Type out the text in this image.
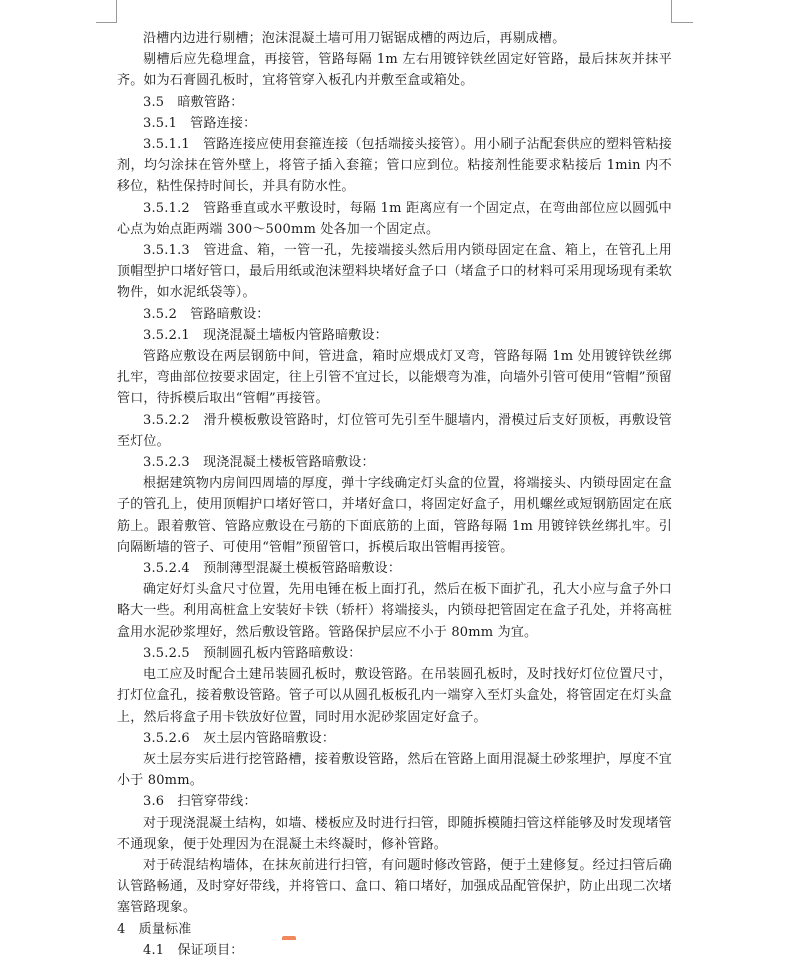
沿槽内边进行剔槽；泡沫混凝土墙可用刀锯锯成槽的两边后，再剔成槽。

剔槽后应先稳埋盒，再接管，管路每隔 1m 左右用镀锌铁丝固定好管路，最后抹灰并抹平齐。如为石膏圆孔板时，宜将管穿入板孔内并敷至盒或箱处。

3.5　暗敷管路：

3.5.1　管路连接：

3.5.1.1　管路连接应使用套箍连接（包括端接头接管）。用小刷子沾配套供应的塑料管粘接剂，均匀涂抹在管外壁上，将管子插入套箍；管口应到位。粘接剂性能要求粘接后 1min 内不移位，粘性保持时间长，并具有防水性。

3.5.1.2　管路垂直或水平敷设时，每隔 1m 距离应有一个固定点，在弯曲部位应以圆弧中心点为始点距两端 300～500mm 处各加一个固定点。

3.5.1.3　管进盒、箱，一管一孔，先接端接头然后用内锁母固定在盒、箱上，在管孔上用顶帽型护口堵好管口，最后用纸或泡沫塑料块堵好盒子口（堵盒子口的材料可采用现场现有柔软物件，如水泥纸袋等）。

3.5.2　管路暗敷设：

3.5.2.1　现浇混凝土墙板内管路暗敷设：

管路应敷设在两层钢筋中间，管进盒，箱时应煨成灯叉弯，管路每隔 1m 处用镀锌铁丝绑扎牢，弯曲部位按要求固定，往上引管不宜过长，以能煨弯为准，向墙外引管可使用“管帽”预留管口，待拆模后取出“管帽”再接管。

3.5.2.2　滑升模板敷设管路时，灯位管可先引至牛腿墙内，滑模过后支好顶板，再敷设管至灯位。

3.5.2.3　现浇混凝土楼板管路暗敷设：

根据建筑物内房间四周墙的厚度，弹十字线确定灯头盒的位置，将端接头、内锁母固定在盒子的管孔上，使用顶帽护口堵好管口，并堵好盒口，将固定好盒子，用机螺丝或短钢筋固定在底筋上。跟着敷管、管路应敷设在弓筋的下面底筋的上面，管路每隔 1m 用镀锌铁丝绑扎牢。引向隔断墙的管子、可使用“管帽”预留管口，拆模后取出管帽再接管。

3.5.2.4　预制薄型混凝土模板管路暗敷设：

确定好灯头盒尺寸位置，先用电锤在板上面打孔，然后在板下面扩孔，孔大小应与盒子外口略大一些。利用高桩盒上安装好卡铁（轿杆）将端接头，内锁母把管固定在盒子孔处，并将高桩盒用水泥砂浆埋好，然后敷设管路。管路保护层应不小于 80mm 为宜。

3.5.2.5　预制圆孔板内管路暗敷设：

电工应及时配合土建吊装圆孔板时，敷设管路。在吊装圆孔板时，及时找好灯位位置尺寸，打灯位盒孔，接着敷设管路。管子可以从圆孔板板孔内一端穿入至灯头盒处，将管固定在灯头盒上，然后将盒子用卡铁放好位置，同时用水泥砂浆固定好盒子。

3.5.2.6　灰土层内管路暗敷设：

灰土层夯实后进行挖管路槽，接着敷设管路，然后在管路上面用混凝土砂浆埋护，厚度不宜小于 80mm。

3.6　扫管穿带线：

对于现浇混凝土结构，如墙、楼板应及时进行扫管，即随拆模随扫管这样能够及时发现堵管不通现象，便于处理因为在混凝土未终凝时，修补管路。

对于砖混结构墙体，在抹灰前进行扫管，有问题时修改管路，便于土建修复。经过扫管后确认管路畅通，及时穿好带线，并将管口、盒口、箱口堵好，加强成品配管保护，防止出现二次堵塞管路现象。

4　质量标准

4.1　保证项目：
